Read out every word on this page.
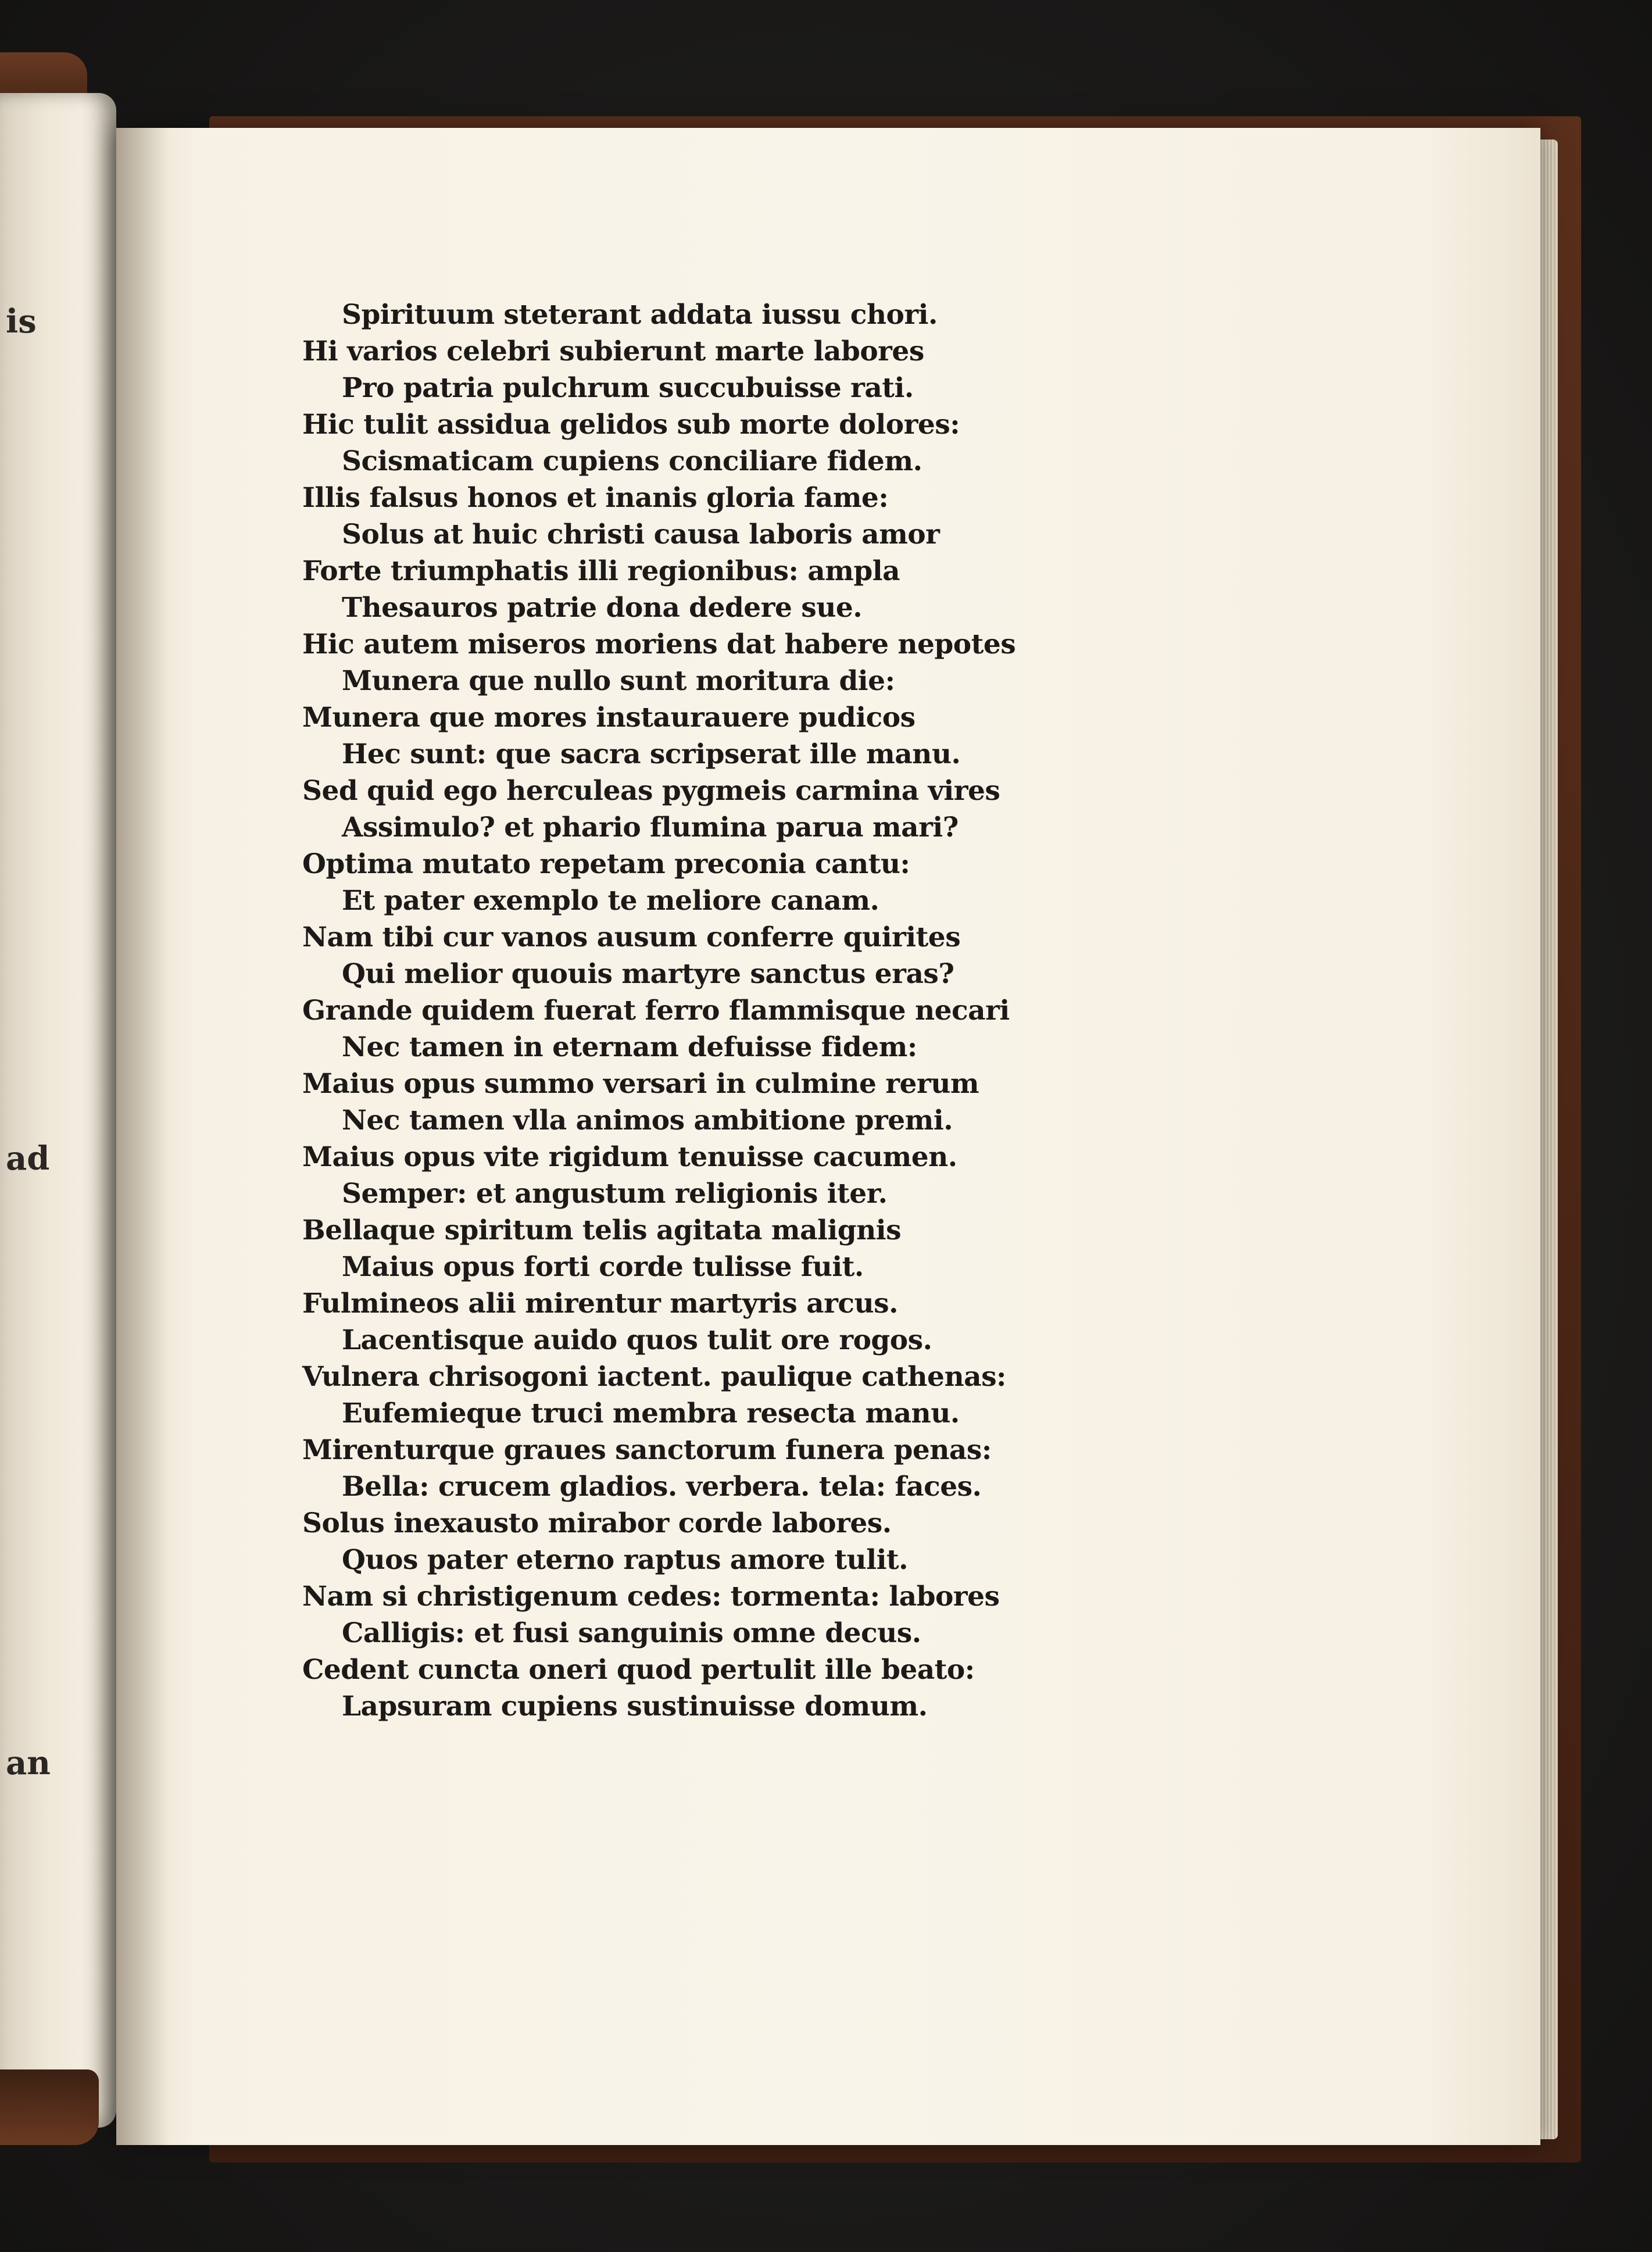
is
ad
an
Spirituum steterant addata iussu chori.
Hi varios celebri subierunt marte labores
Pro patria pulchrum succubuisse rati.
Hic tulit assidua gelidos sub morte dolores:
Scismaticam cupiens conciliare fidem.
Illis falsus honos et inanis gloria fame:
Solus at huic christi causa laboris amor
Forte triumphatis illi regionibus: ampla
Thesauros patrie dona dedere sue.
Hic autem miseros moriens dat habere nepotes
Munera que nullo sunt moritura die:
Munera que mores instaurauere pudicos
Hec sunt: que sacra scripserat ille manu.
Sed quid ego herculeas pygmeis carmina vires
Assimulo? et phario flumina parua mari?
Optima mutato repetam preconia cantu:
Et pater exemplo te meliore canam.
Nam tibi cur vanos ausum conferre quirites
Qui melior quouis martyre sanctus eras?
Grande quidem fuerat ferro flammisque necari
Nec tamen in eternam defuisse fidem:
Maius opus summo versari in culmine rerum
Nec tamen vlla animos ambitione premi.
Maius opus vite rigidum tenuisse cacumen.
Semper: et angustum religionis iter.
Bellaque spiritum telis agitata malignis
Maius opus forti corde tulisse fuit.
Fulmineos alii mirentur martyris arcus.
Lacentisque auido quos tulit ore rogos.
Vulnera chrisogoni iactent. paulique cathenas:
Eufemieque truci membra resecta manu.
Mirenturque graues sanctorum funera penas:
Bella: crucem gladios. verbera. tela: faces.
Solus inexausto mirabor corde labores.
Quos pater eterno raptus amore tulit.
Nam si christigenum cedes: tormenta: labores
Calligis: et fusi sanguinis omne decus.
Cedent cuncta oneri quod pertulit ille beato:
Lapsuram cupiens sustinuisse domum.
